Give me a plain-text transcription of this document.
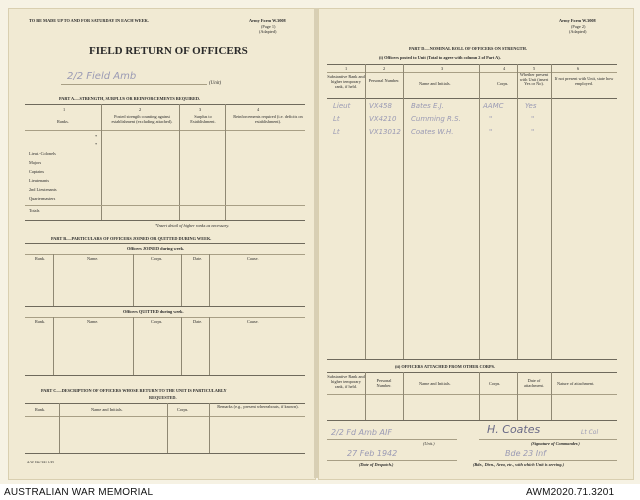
TO BE MADE UP TO AND FOR SATURDAY IN EACH WEEK.	Army Form W.3008
(Page 1)
(Adapted)
FIELD RETURN OF OFFICERS
2/2 Field Amb
(Unit)
PART A.—STRENGTH, SURPLUS OR REINFORCEMENTS REQUIRED.
1	2	3	4
Ranks.
Posted strength counting against establishment (excluding attached).
Surplus to Establishment.
Reinforcements required (i.e. deficits on establishment).
*
*
Lieut.-Colonels
Majors
Captains
Lieutenants
2nd Lieutenants
Quartermasters
Totals
*Insert detail of higher ranks as necessary.
PART B.—PARTICULARS OF OFFICERS JOINED OR QUITTED DURING WEEK.
Officers JOINED during week.
Rank.	Name.	Corps.	Date.	Cause.
Officers QUITTED during week.
Rank.	Name.	Corps.	Date.	Cause.
PART C.—DESCRIPTION OF OFFICERS WHOSE RETURN TO THE UNIT IS PARTICULARLY
REQUESTED.
Rank.	Name and Initials.	Corps.
Remarks (e.g., present whereabouts, if known).
A.W. Dec 941 1/45
Army Form W.3008
(Page 2)
(Adapted)
PART D.—NOMINAL ROLL OF OFFICERS ON STRENGTH.
(i) Officers posted to Unit (Total to agree with column 2 of Part A).
1	2	3	4	5	6
Substantive Rank and higher temporary rank, if held.
Personal Number.
Name and Initials.	Corps.
Whether present with Unit (insert Yes or No).
If not present with Unit, state how employed.
Lieut	VX458	Bates E.J.	AAMC	Yes
Lt	VX4210 Cumming R.S.	"	"
Lt	VX13012 Coates W.H.	"	"
(ii) OFFICERS ATTACHED FROM OTHER CORPS.
Substantive Rank and higher temporary rank, if held.
Personal Number.	Name and Initials.	Corps.
Date of attachment.	Nature of attachment.
2/2 Fd Amb AIF
(Unit.)
H. Coates	Lt Col
(Signature of Commander.)
27 Feb 1942
(Date of Despatch.)
Bde 23 Inf
(Bde., Divn., Area, etc., with which Unit is serving.)
AUSTRALIAN WAR MEMORIAL	AWM2020.71.3201
